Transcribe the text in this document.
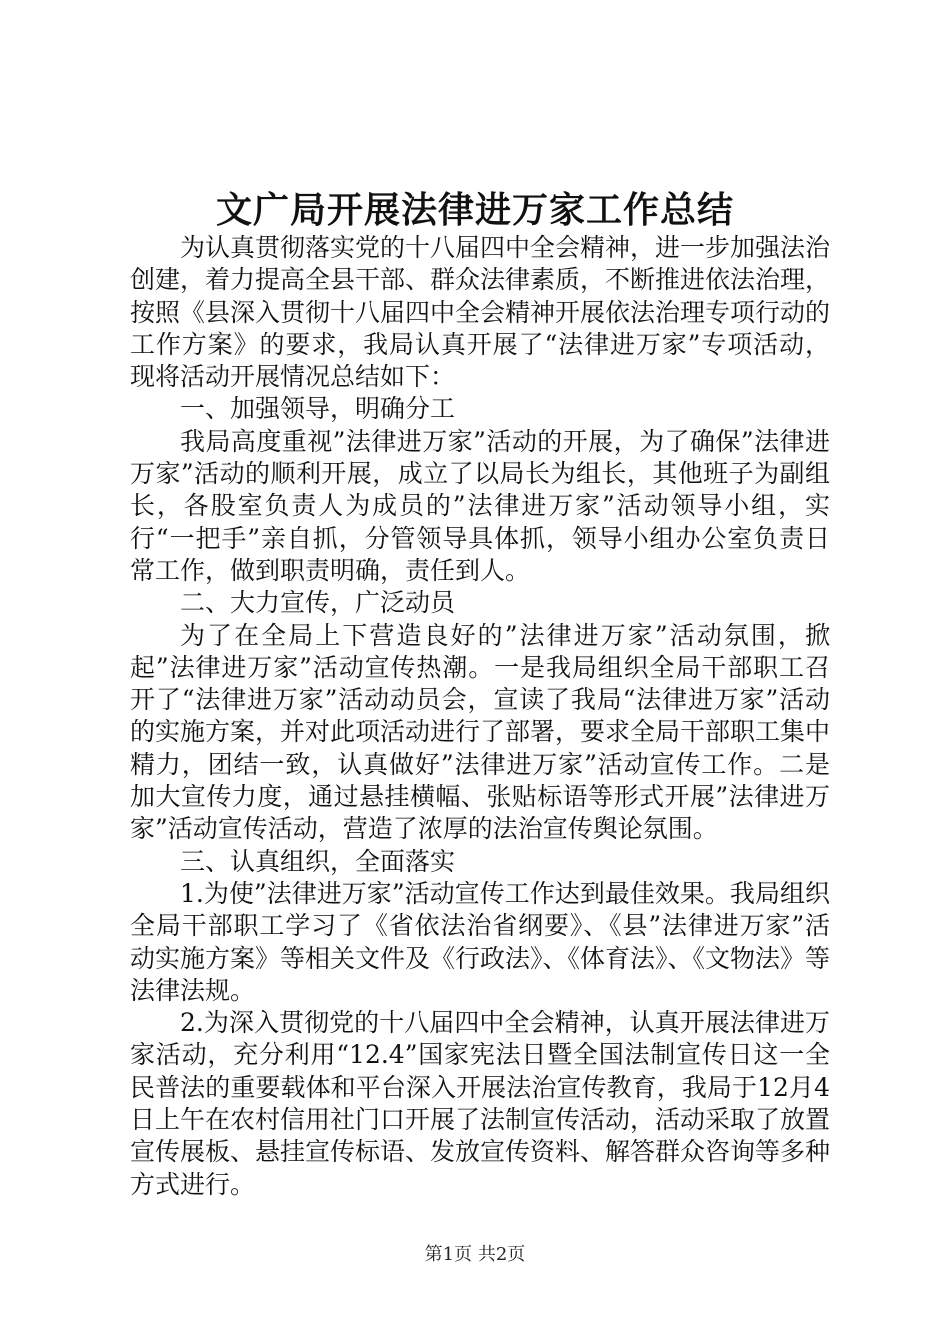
文广局开展法律进万家工作总结

为认真贯彻落实党的十八届四中全会精神，进一步加强法治创建，着力提高全县干部、群众法律素质，不断推进依法治理，按照《县深入贯彻十八届四中全会精神开展依法治理专项行动的工作方案》的要求，我局认真开展了“法律进万家”专项活动，现将活动开展情况总结如下：

一、加强领导，明确分工

我局高度重视”法律进万家”活动的开展，为了确保”法律进万家”活动的顺利开展，成立了以局长为组长，其他班子为副组长，各股室负责人为成员的”法律进万家”活动领导小组，实行“一把手”亲自抓，分管领导具体抓，领导小组办公室负责日常工作，做到职责明确，责任到人。

二、大力宣传，广泛动员

为了在全局上下营造良好的”法律进万家”活动氛围，掀起”法律进万家”活动宣传热潮。一是我局组织全局干部职工召开了“法律进万家”活动动员会，宣读了我局“法律进万家”活动的实施方案，并对此项活动进行了部署，要求全局干部职工集中精力，团结一致，认真做好”法律进万家”活动宣传工作。二是加大宣传力度，通过悬挂横幅、张贴标语等形式开展”法律进万家”活动宣传活动，营造了浓厚的法治宣传舆论氛围。

三、认真组织，全面落实

1.为使”法律进万家”活动宣传工作达到最佳效果。我局组织全局干部职工学习了《省依法治省纲要》、《县”法律进万家”活动实施方案》等相关文件及《行政法》、《体育法》、《文物法》等法律法规。

2.为深入贯彻党的十八届四中全会精神，认真开展法律进万家活动，充分利用“12.4”国家宪法日暨全国法制宣传日这一全民普法的重要载体和平台深入开展法治宣传教育，我局于12月4日上午在农村信用社门口开展了法制宣传活动，活动采取了放置宣传展板、悬挂宣传标语、发放宣传资料、解答群众咨询等多种方式进行。

第1页 共2页
